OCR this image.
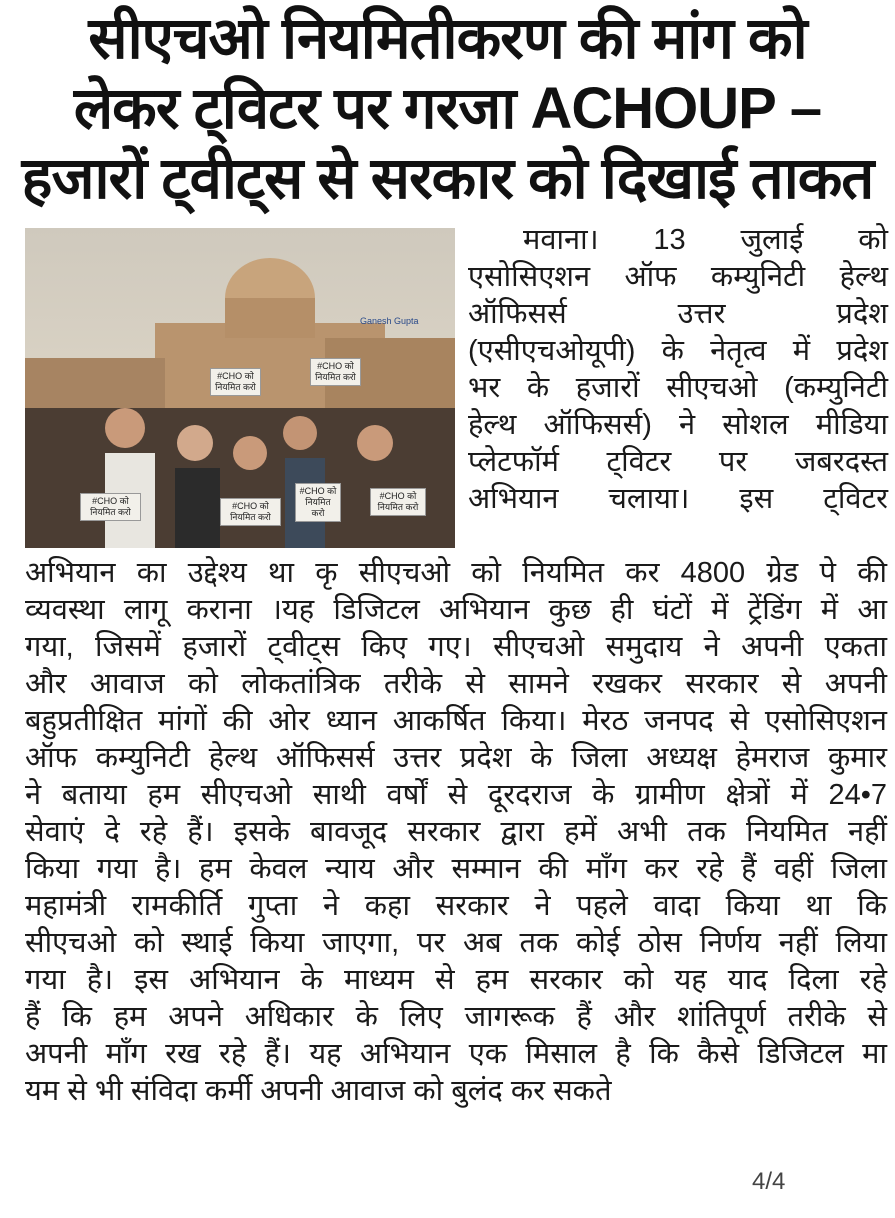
सीएचओ नियमितीकरण की मांग को
लेकर ट्विटर पर गरजा ACHOUP –
हजारों ट्वीट्स से सरकार को दिखाई ताकत
#CHO को नियमित करो
#CHO को नियमित करो
#CHO को नियमित करो
#CHO को नियमित करो
#CHO को नियमित करो
#CHO को नियमित करो
Ganesh Gupta
मवाना। 13 जुलाई को
एसोसिएशन ऑफ कम्युनिटी हेल्थ
ऑफिसर्स उत्तर प्रदेश
(एसीएचओयूपी) के नेतृत्व में प्रदेश
भर के हजारों सीएचओ (कम्युनिटी
हेल्थ ऑफिसर्स) ने सोशल मीडिया
प्लेटफॉर्म ट्विटर पर जबरदस्त
अभियान चलाया। इस ट्विटर
अभियान का उद्देश्य था कृ सीएचओ को नियमित कर 4800 ग्रेड पे की
व्यवस्था लागू कराना ।यह डिजिटल अभियान कुछ ही घंटों में ट्रेंडिंग में आ
गया, जिसमें हजारों ट्वीट्स किए गए। सीएचओ समुदाय ने अपनी एकता
और आवाज को लोकतांत्रिक तरीके से सामने रखकर सरकार से अपनी
बहुप्रतीक्षित मांगों की ओर ध्यान आकर्षित किया। मेरठ जनपद से एसोसिएशन
ऑफ कम्युनिटी हेल्थ ऑफिसर्स उत्तर प्रदेश के जिला अध्यक्ष हेमराज कुमार
ने बताया हम सीएचओ साथी वर्षों से दूरदराज के ग्रामीण क्षेत्रों में 24•7
सेवाएं दे रहे हैं। इसके बावजूद सरकार द्वारा हमें अभी तक नियमित नहीं
किया गया है। हम केवल न्याय और सम्मान की माँग कर रहे हैं वहीं जिला
महामंत्री रामकीर्ति गुप्ता ने कहा सरकार ने पहले वादा किया था कि
सीएचओ को स्थाई किया जाएगा, पर अब तक कोई ठोस निर्णय नहीं लिया
गया है। इस अभियान के माध्यम से हम सरकार को यह याद दिला रहे
हैं कि हम अपने अधिकार के लिए जागरूक हैं और शांतिपूर्ण तरीके से
अपनी माँग रख रहे हैं। यह अभियान एक मिसाल है कि कैसे डिजिटल मा
यम से भी संविदा कर्मी अपनी आवाज को बुलंद कर सकते
4/4
